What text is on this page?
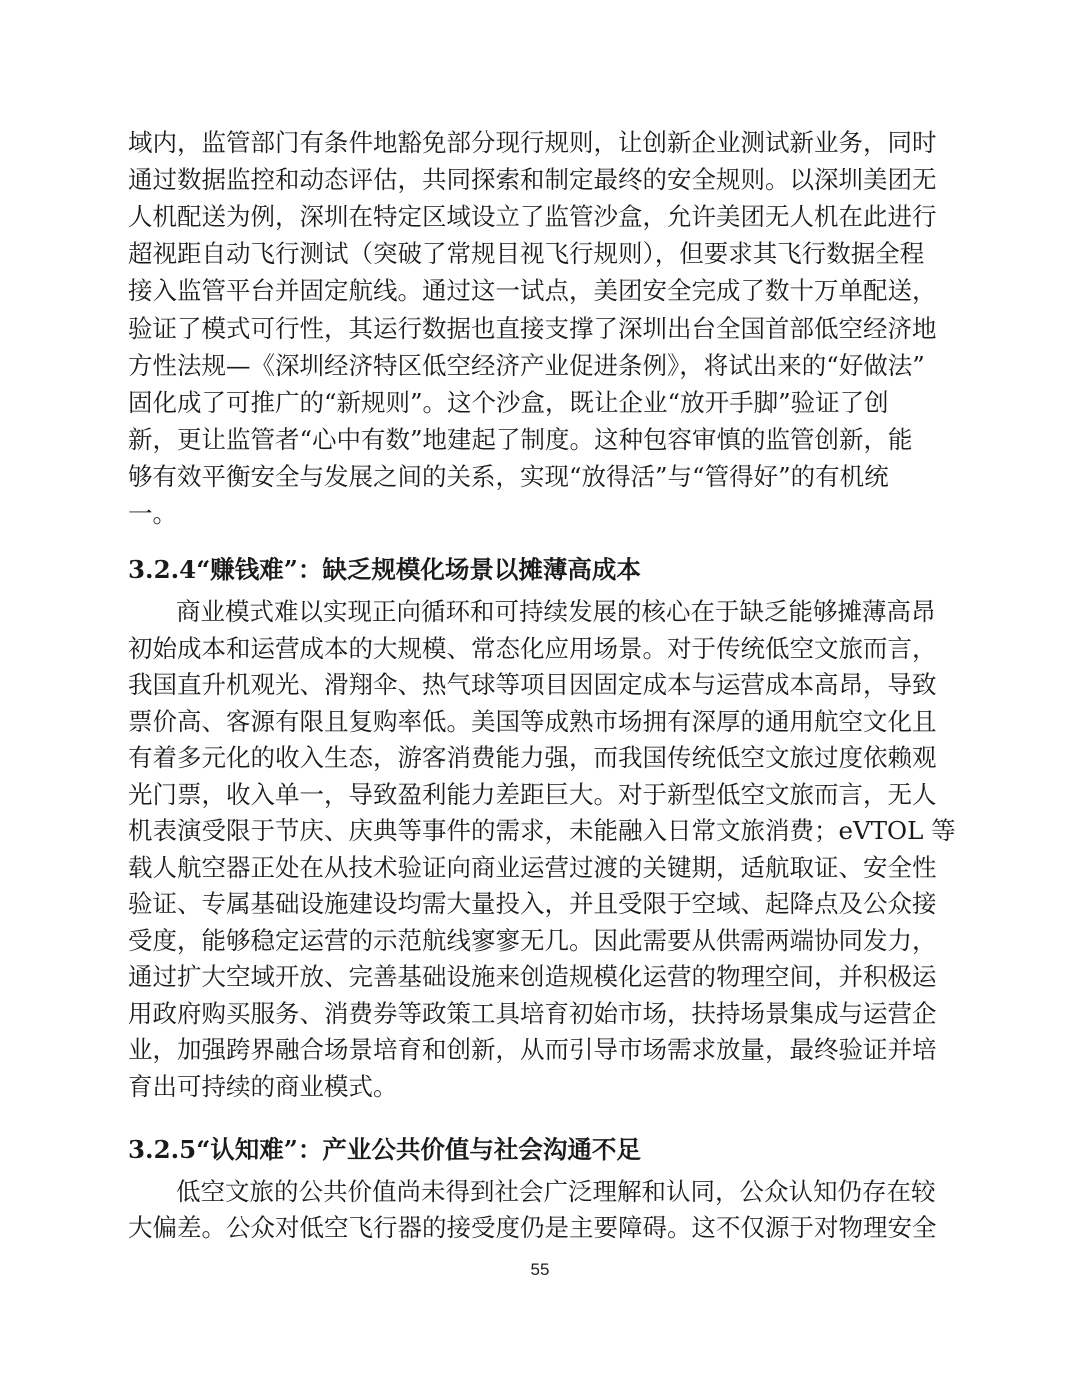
域内，监管部门有条件地豁免部分现行规则，让创新企业测试新业务，同时
通过数据监控和动态评估，共同探索和制定最终的安全规则。以深圳美团无
人机配送为例，深圳在特定区域设立了监管沙盒，允许美团无人机在此进行
超视距自动飞行测试（突破了常规目视飞行规则），但要求其飞行数据全程
接入监管平台并固定航线。通过这一试点，美团安全完成了数十万单配送，
验证了模式可行性，其运行数据也直接支撑了深圳出台全国首部低空经济地
方性法规—《深圳经济特区低空经济产业促进条例》，将试出来的“好做法”
固化成了可推广的“新规则”。这个沙盒，既让企业“放开手脚”验证了创
新，更让监管者“心中有数”地建起了制度。这种包容审慎的监管创新，能
够有效平衡安全与发展之间的关系，实现“放得活”与“管得好”的有机统
一。
3.2.4“赚钱难”：缺乏规模化场景以摊薄高成本
商业模式难以实现正向循环和可持续发展的核心在于缺乏能够摊薄高昂
初始成本和运营成本的大规模、常态化应用场景。对于传统低空文旅而言，
我国直升机观光、滑翔伞、热气球等项目因固定成本与运营成本高昂，导致
票价高、客源有限且复购率低。美国等成熟市场拥有深厚的通用航空文化且
有着多元化的收入生态，游客消费能力强，而我国传统低空文旅过度依赖观
光门票，收入单一，导致盈利能力差距巨大。对于新型低空文旅而言，无人
机表演受限于节庆、庆典等事件的需求，未能融入日常文旅消费；eVTOL 等
载人航空器正处在从技术验证向商业运营过渡的关键期，适航取证、安全性
验证、专属基础设施建设均需大量投入，并且受限于空域、起降点及公众接
受度，能够稳定运营的示范航线寥寥无几。因此需要从供需两端协同发力，
通过扩大空域开放、完善基础设施来创造规模化运营的物理空间，并积极运
用政府购买服务、消费券等政策工具培育初始市场，扶持场景集成与运营企
业，加强跨界融合场景培育和创新，从而引导市场需求放量，最终验证并培
育出可持续的商业模式。
55
3.2.5“认知难”：产业公共价值与社会沟通不足
低空文旅的公共价值尚未得到社会广泛理解和认同，公众认知仍存在较
大偏差。公众对低空飞行器的接受度仍是主要障碍。这不仅源于对物理安全
